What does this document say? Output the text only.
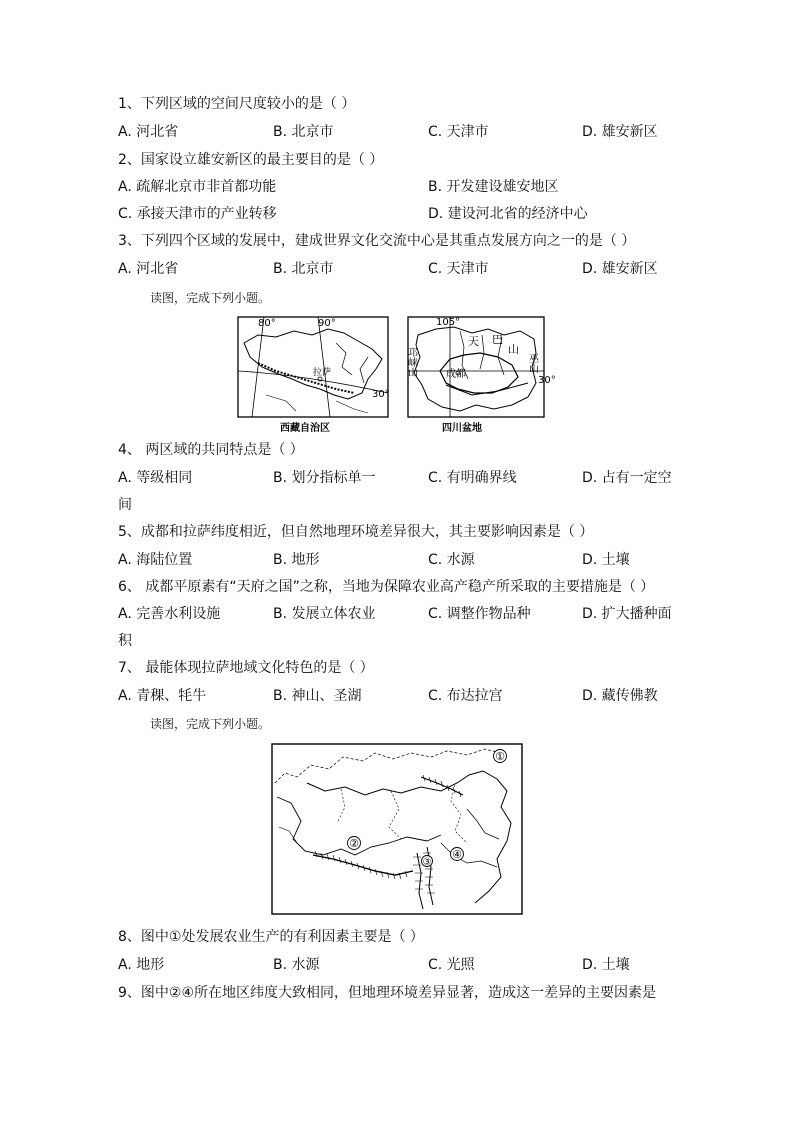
1、下列区域的空间尺度较小的是（ ）
A. 河北省	B. 北京市	C. 天津市	D. 雄安新区
2、国家设立雄安新区的最主要目的是（ ）
A. 疏解北京市非首都功能	B. 开发建设雄安地区
C. 承接天津市的产业转移	D. 建设河北省的经济中心
3、下列四个区域的发展中，建成世界文化交流中心是其重点发展方向之一的是（ ）
A. 河北省	B. 北京市	C. 天津市	D. 雄安新区
读图，完成下列小题。
80°	90°
30°
拉萨
西藏自治区
105°
30°
邛崃山	巫山
天 巴
山
成都
四川盆地
4、 两区域的共同特点是（ ）
A. 等级相同	B. 划分指标单一	C. 有明确界线	D. 占有一定空
间
5、成都和拉萨纬度相近，但自然地理环境差异很大，其主要影响因素是（ ）
A. 海陆位置	B. 地形	C. 水源	D. 土壤
6、 成都平原素有“天府之国”之称，当地为保障农业高产稳产所采取的主要措施是（ ）
A. 完善水利设施	B. 发展立体农业	C. 调整作物品种	D. 扩大播种面
积
7、 最能体现拉萨地域文化特色的是（ ）
A. 青稞、牦牛	B. 神山、圣湖	C. 布达拉宫	D. 藏传佛教
读图，完成下列小题。
①
②
③
④
8、图中①处发展农业生产的有利因素主要是（ ）
A. 地形	B. 水源	C. 光照	D. 土壤
9、图中②④所在地区纬度大致相同，但地理环境差异显著，造成这一差异的主要因素是
